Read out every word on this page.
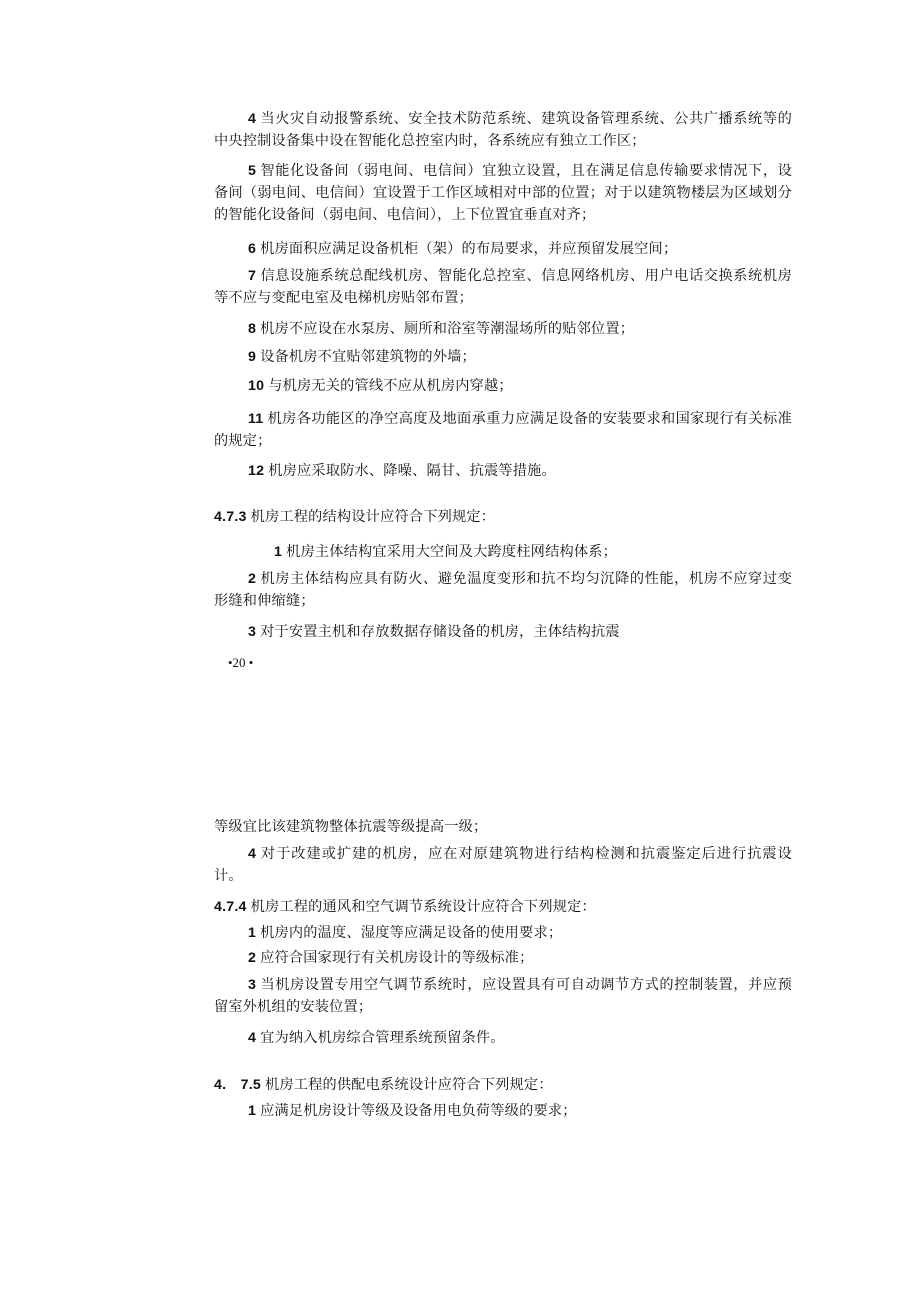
4 当火灾自动报警系统、安全技术防范系统、建筑设备管理系统、公共广播系统等的中央控制设备集中设在智能化总控室内时，各系统应有独立工作区；

5 智能化设备间（弱电间、电信间）宜独立设置，且在满足信息传输要求情况下，设备间（弱电间、电信间）宜设置于工作区域相对中部的位置；对于以建筑物楼层为区域划分的智能化设备间（弱电间、电信间），上下位置宜垂直对齐；

6 机房面积应满足设备机柜（架）的布局要求，并应预留发展空间；

7 信息设施系统总配线机房、智能化总控室、信息网络机房、用户电话交换系统机房等不应与变配电室及电梯机房贴邻布置；

8 机房不应设在水泵房、厕所和浴室等潮湿场所的贴邻位置；

9 设备机房不宜贴邻建筑物的外墙；

10 与机房无关的管线不应从机房内穿越；

11 机房各功能区的净空高度及地面承重力应满足设备的安装要求和国家现行有关标准的规定；

12 机房应采取防水、降噪、隔甘、抗震等措施。

4.7.3 机房工程的结构设计应符合下列规定：

1 机房主体结构宜采用大空间及大跨度柱网结构体系；

2 机房主体结构应具有防火、避免温度变形和抗不均匀沉降的性能，机房不应穿过变形缝和伸缩缝；

3 对于安置主机和存放数据存储设备的机房，主体结构抗震

•20 •

等级宜比该建筑物整体抗震等级提高一级；

4 对于改建或扩建的机房，应在对原建筑物进行结构检测和抗震鉴定后进行抗震设计。

4.7.4 机房工程的通风和空气调节系统设计应符合下列规定：

1 机房内的温度、湿度等应满足设备的使用要求；

2 应符合国家现行有关机房设计的等级标准；

3 当机房设置专用空气调节系统时，应设置具有可自动调节方式的控制装置，并应预留室外机组的安装位置；

4 宜为纳入机房综合管理系统预留条件。

4.　7.5 机房工程的供配电系统设计应符合下列规定：

1 应满足机房设计等级及设备用电负荷等级的要求；
